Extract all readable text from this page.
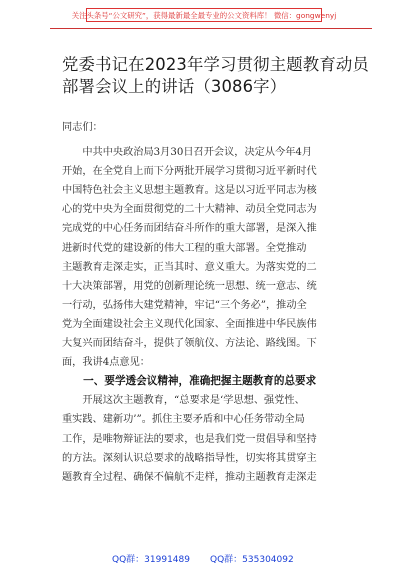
关注头条号“公文研究”，获得最新最全最专业的公文资料库！ 微信：gongwenyj
党委书记在2023年学习贯彻主题教育动员
部署会议上的讲话（3086字）
同志们：
　　中共中央政治局3月30日召开会议，决定从今年4月
开始，在全党自上而下分两批开展学习贯彻习近平新时代
中国特色社会主义思想主题教育。这是以习近平同志为核
心的党中央为全面贯彻党的二十大精神、动员全党同志为
完成党的中心任务而团结奋斗所作的重大部署，是深入推
进新时代党的建设新的伟大工程的重大部署。全党推动
主题教育走深走实，正当其时、意义重大。为落实党的二
十大决策部署，用党的创新理论统一思想、统一意志、统
一行动，弘扬伟大建党精神，牢记“三个务必”，推动全
党为全面建设社会主义现代化国家、全面推进中华民族伟
大复兴而团结奋斗，提供了领航仪、方法论、路线图。下
面，我讲4点意见：
　　一、要学透会议精神，准确把握主题教育的总要求
　　开展这次主题教育，“总要求是‘学思想、强党性、
重实践、建新功’”。抓住主要矛盾和中心任务带动全局
工作，是唯物辩证法的要求，也是我们党一贯倡导和坚持
的方法。深刻认识总要求的战略指导性，切实将其贯穿主
题教育全过程、确保不偏航不走样，推动主题教育走深走
QQ群：31991489 QQ群：535304092
